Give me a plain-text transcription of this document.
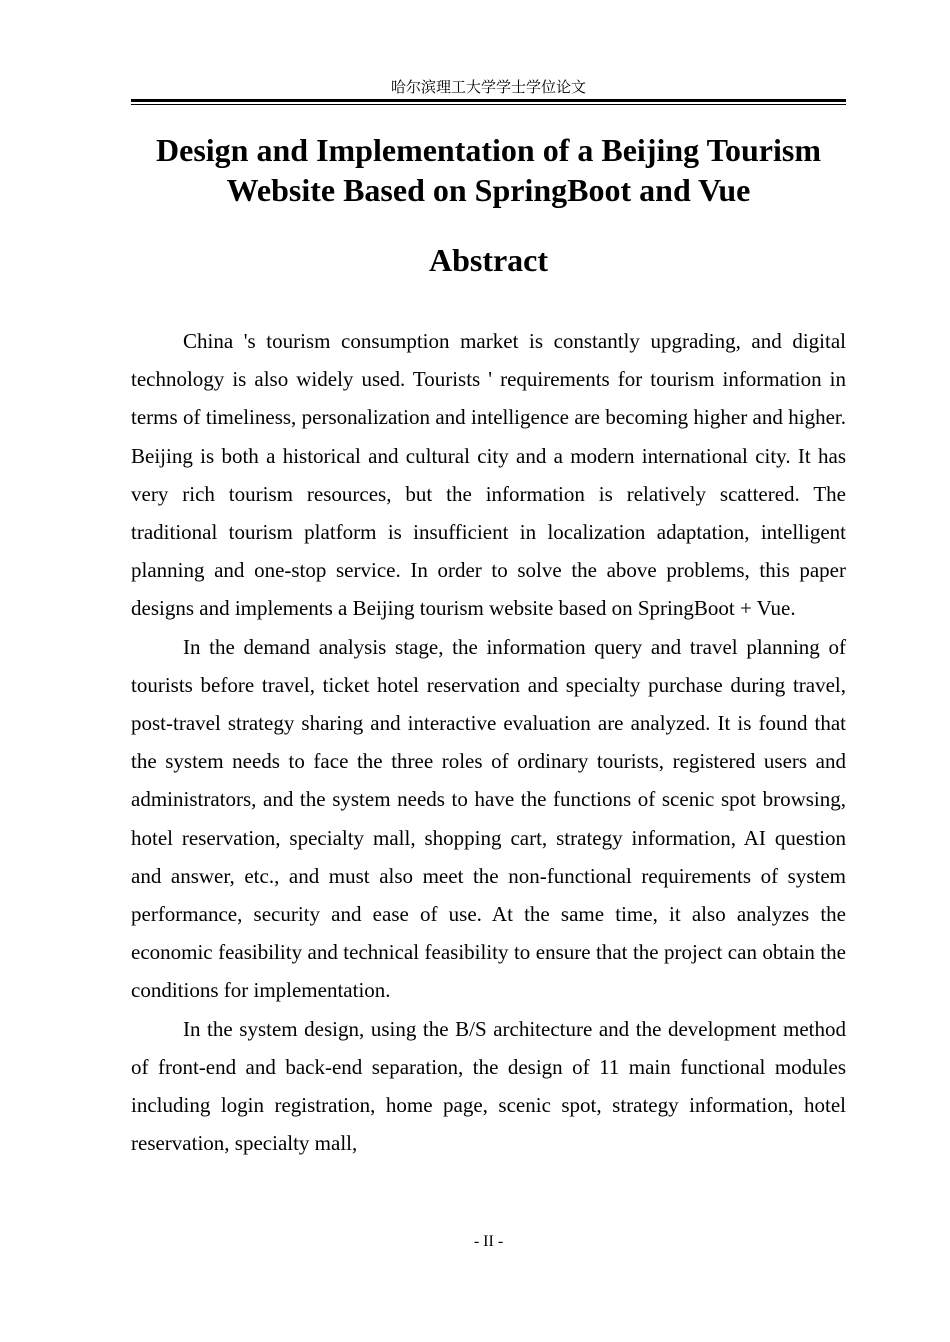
哈尔滨理工大学学士学位论文
Design and Implementation of a Beijing Tourism
Website Based on SpringBoot and Vue
Abstract

China 's tourism consumption market is constantly upgrading, and digital technology is also widely used. Tourists ' requirements for tourism information in terms of timeliness, personalization and intelligence are becoming higher and higher. Beijing is both a historical and cultural city and a modern international city. It has very rich tourism resources, but the information is relatively scattered. The traditional tourism platform is insufficient in localization adaptation, intelligent planning and one-stop service. In order to solve the above problems, this paper designs and implements a Beijing tourism website based on SpringBoot + Vue.

In the demand analysis stage, the information query and travel planning of tourists before travel, ticket hotel reservation and specialty purchase during travel, post-travel strategy sharing and interactive evaluation are analyzed. It is found that the system needs to face the three roles of ordinary tourists, registered users and administrators, and the system needs to have the functions of scenic spot browsing, hotel reservation, specialty mall, shopping cart, strategy information, AI question and answer, etc., and must also meet the non-functional requirements of system performance, security and ease of use. At the same time, it also analyzes the economic feasibility and technical feasibility to ensure that the project can obtain the conditions for implementation.

In the system design, using the B/S architecture and the development method of front-end and back-end separation, the design of 11 main functional modules including login registration, home page, scenic spot, strategy information, hotel reservation, specialty mall,

- II -
